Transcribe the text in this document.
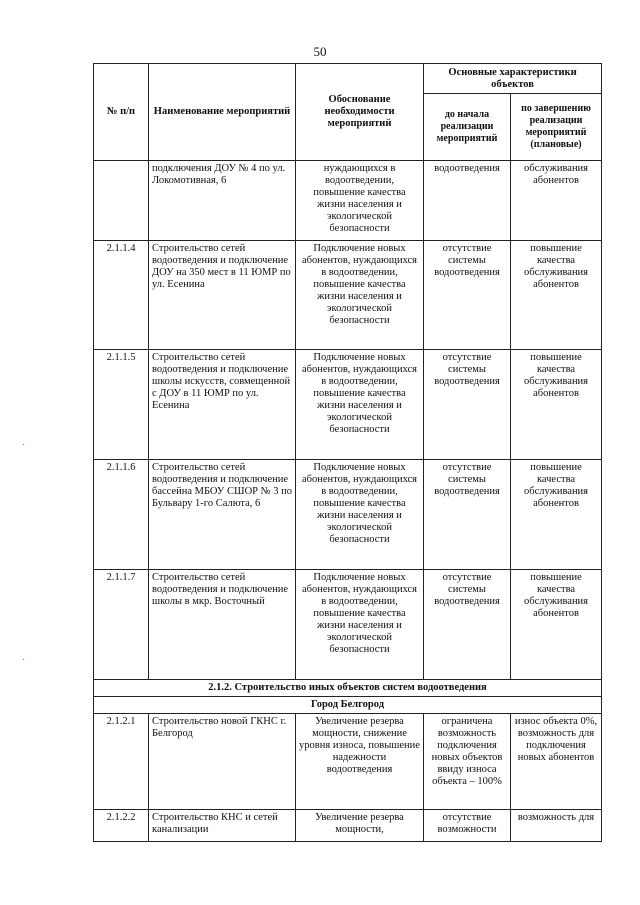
50
·
·
№ п/п	Наименование мероприятий	Обоснование необходимости мероприятий	Основные характеристики объектов	
			до начала реализации мероприятий	по завершению реализации мероприятий (плановые)
	подключения ДОУ № 4 по ул. Локомотивная, 6	нуждающихся в водоотведении, повышение качества жизни населения и экологической безопасности	водоотведения	обслуживания абонентов
2.1.1.4	Строительство сетей водоотведения и подключение ДОУ на 350 мест в 11 ЮМР по ул. Есенина	Подключение новых абонентов, нуждающихся в водоотведении, повышение качества жизни населения и экологической безопасности	отсутствие системы водоотведения	повышение качества обслуживания абонентов
2.1.1.5	Строительство сетей водоотведения и подключение школы искусств, совмещенной с ДОУ в 11 ЮМР по ул. Есенина	Подключение новых абонентов, нуждающихся в водоотведении, повышение качества жизни населения и экологической безопасности	отсутствие системы водоотведения	повышение качества обслуживания абонентов
2.1.1.6	Строительство сетей водоотведения и подключение бассейна МБОУ СШОР № 3 по Бульвару 1-го Салюта, 6	Подключение новых абонентов, нуждающихся в водоотведении, повышение качества жизни населения и экологической безопасности	отсутствие системы водоотведения	повышение качества обслуживания абонентов
2.1.1.7	Строительство сетей водоотведения и подключение школы в мкр. Восточный	Подключение новых абонентов, нуждающихся в водоотведении, повышение качества жизни населения и экологической безопасности	отсутствие системы водоотведения	повышение качества обслуживания абонентов
2.1.2. Строительство иных объектов систем водоотведения				
Город Белгород				
2.1.2.1	Строительство новой ГКНС г. Белгород	Увеличение резерва мощности, снижение уровня износа, повышение надежности водоотведения	ограничена возможность подключения новых объектов ввиду износа объекта – 100%	износ объекта 0%, возможность для подключения новых абонентов
2.1.2.2	Строительство КНС и сетей канализации	Увеличение резерва мощности,	отсутствие возможности	возможность для
